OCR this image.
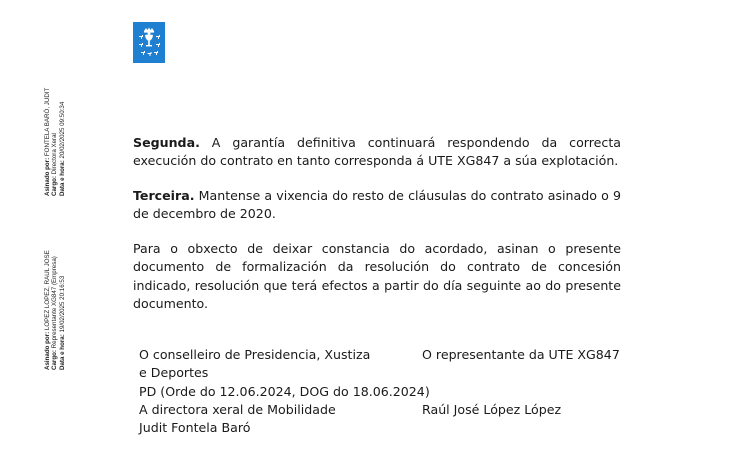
Asinado por: FONTELA BARÓ, JUDIT
Cargo: Directora Xeral
Data e hora: 20/02/2025 09:50:34
Asinado por: LOPEZ LOPEZ, RAUL JOSE
Cargo: Representante XG847 (Empresa)
Data e hora: 19/02/2025 20:16:53

Segunda. A garantía definitiva continuará respondendo da correcta execución do contrato en tanto corresponda á UTE XG847 a súa explotación.

Terceira. Mantense a vixencia do resto de cláusulas do contrato asinado o 9 de decembro de 2020.

Para o obxecto de deixar constancia do acordado, asinan o presente documento de formalización da resolución do contrato de concesión indicado, resolución que terá efectos a partir do día seguinte ao do presente documento.

O conselleiro de Presidencia, Xustiza
e Deportes
PD (Orde do 12.06.2024, DOG do 18.06.2024)
A directora xeral de Mobilidade
Judit Fontela Baró
O representante da UTE XG847
Raúl José López López
